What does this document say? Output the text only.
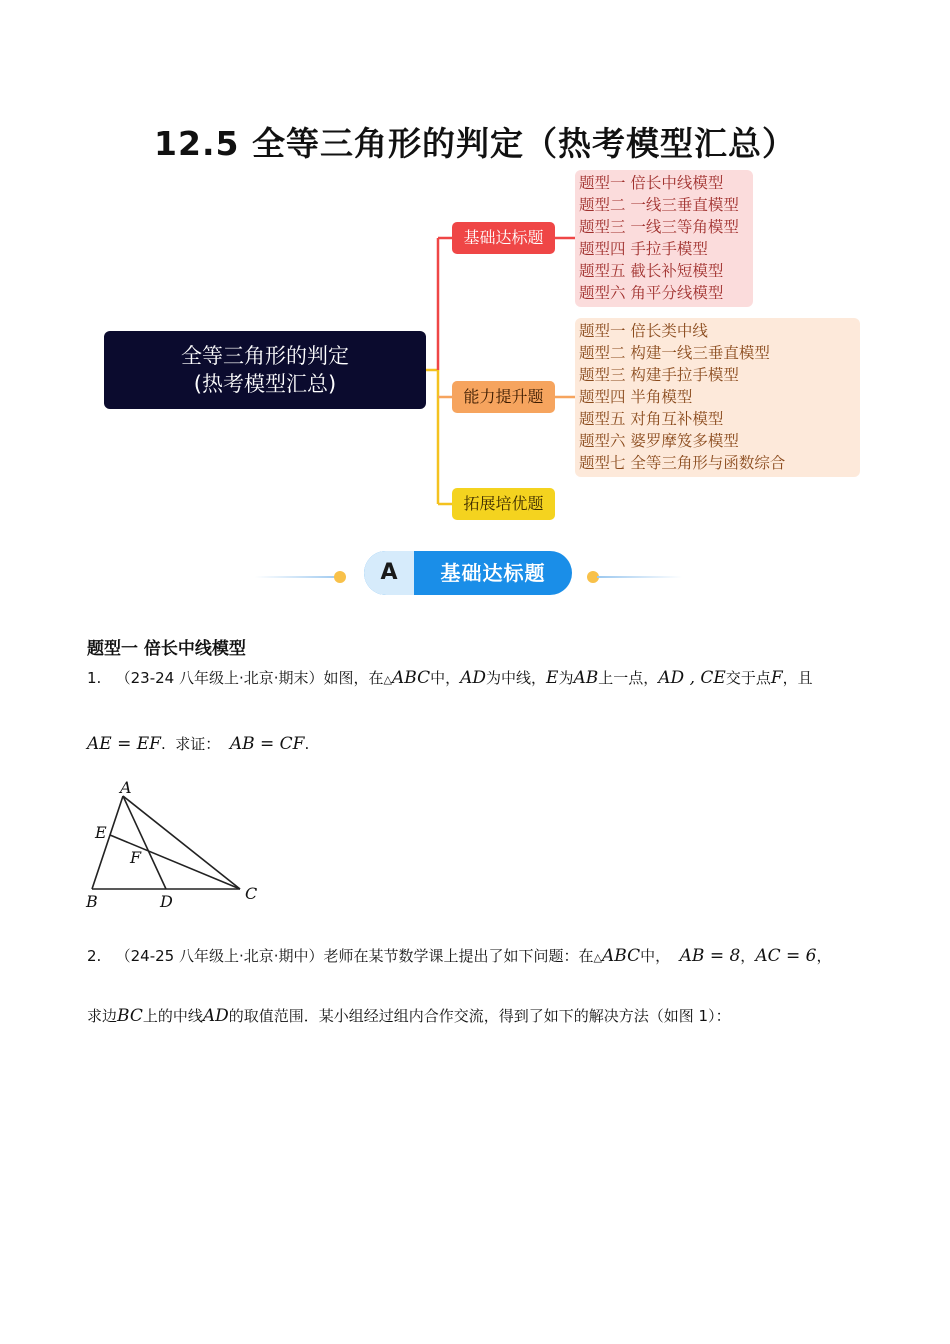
12.5 全等三角形的判定（热考模型汇总）
全等三角形的判定
(热考模型汇总)
基础达标题
能力提升题
拓展培优题
题型一 倍长中线模型
题型二 一线三垂直模型
题型三 一线三等角模型
题型四 手拉手模型
题型五 截长补短模型
题型六 角平分线模型
题型一 倍长类中线
题型二 构建一线三垂直模型
题型三 构建手拉手模型
题型四 半角模型
题型五 对角互补模型
题型六 婆罗摩笈多模型
题型七 全等三角形与函数综合
A	基础达标题
题型一 倍长中线模型
1. （23-24 八年级上·北京·期末）如图，在△ABC中，AD为中线，E为AB上一点，AD , CE交于点F，且
AE = EF. 求证： AB = CF.
A
E
F
B	D	C
2. （24-25 八年级上·北京·期中）老师在某节数学课上提出了如下问题：在△ABC中， AB = 8，AC = 6，
求边BC上的中线AD的取值范围．某小组经过组内合作交流，得到了如下的解决方法（如图 1）：
